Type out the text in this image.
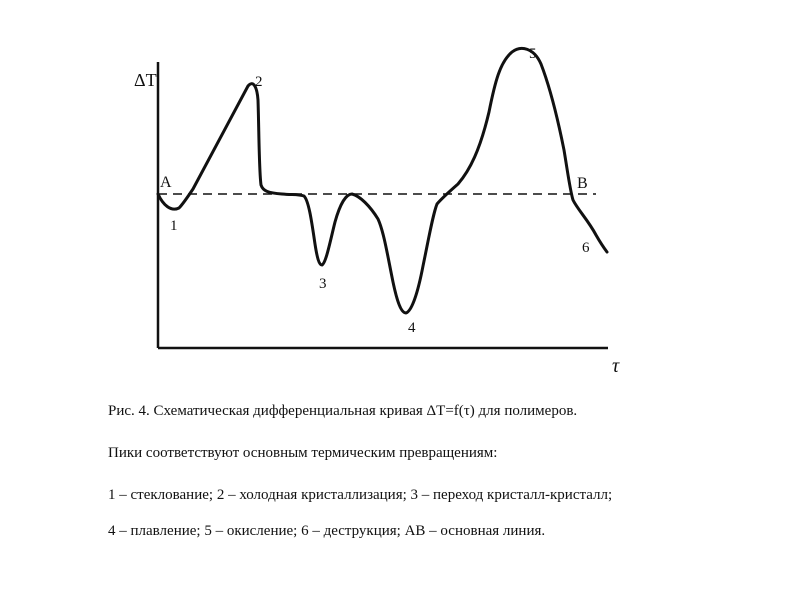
ΔT
τ
A	B
1
2
3
4
5
6
Рис. 4. Схематическая дифференциальная кривая ΔT=f(τ) для полимеров.
Пики соответствуют основным термическим превращениям:
1 – стеклование; 2 – холодная кристаллизация; 3 – переход кристалл-кристалл;
4 – плавление; 5 – окисление; 6 – деструкция; АВ – основная линия.
